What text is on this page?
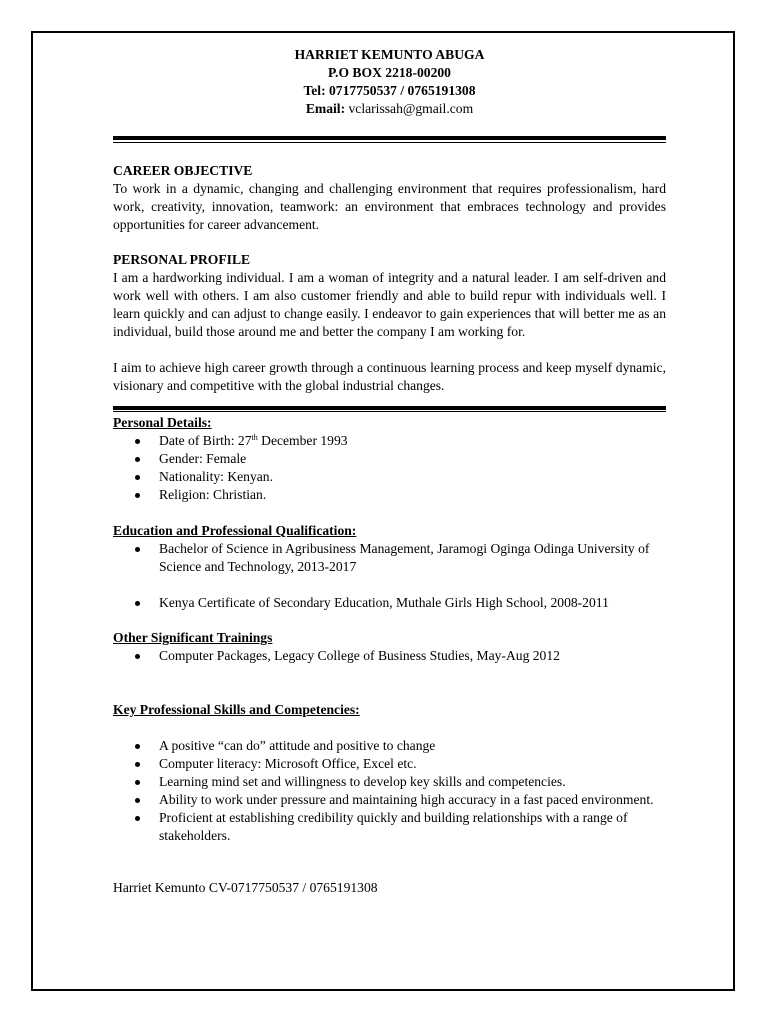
HARRIET KEMUNTO ABUGA
P.O BOX 2218-00200
Tel: 0717750537 / 0765191308
Email: vclarissah@gmail.com
CAREER OBJECTIVE

To work in a dynamic, changing and challenging environment that requires professionalism, hard work, creativity, innovation, teamwork: an environment that embraces technology and provides opportunities for career advancement.

PERSONAL PROFILE

I am a hardworking individual. I am a woman of integrity and a natural leader. I am self-driven and work well with others. I am also customer friendly and able to build repur with individuals well. I learn quickly and can adjust to change easily. I endeavor to gain experiences that will better me as an individual, build those around me and better the company I am working for.

I aim to achieve high career growth through a continuous learning process and keep myself dynamic, visionary and competitive with the global industrial changes.

Personal Details:
Date of Birth: 27th December 1993
Gender: Female
Nationality: Kenyan.
Religion: Christian.
Education and Professional Qualification:
Bachelor of Science in Agribusiness Management, Jaramogi Oginga Odinga University of Science and Technology, 2013-2017
Kenya Certificate of Secondary Education, Muthale Girls High School, 2008-2011
Other Significant Trainings
Computer Packages, Legacy College of Business Studies, May-Aug 2012
Key Professional Skills and Competencies:
A positive “can do” attitude and positive to change
Computer literacy: Microsoft Office, Excel etc.
Learning mind set and willingness to develop key skills and competencies.
Ability to work under pressure and maintaining high accuracy in a fast paced environment.
Proficient at establishing credibility quickly and building relationships with a range of stakeholders.
Harriet Kemunto CV-0717750537 / 0765191308
